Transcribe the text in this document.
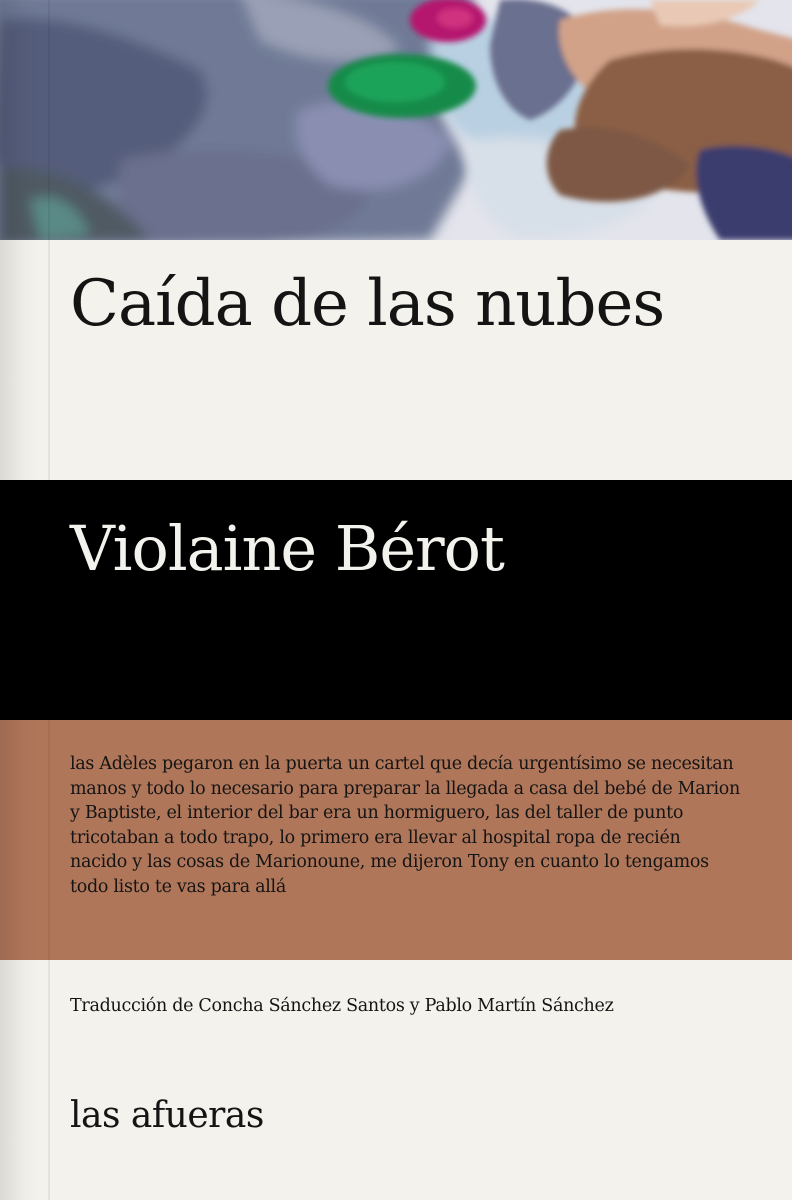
Caída de las nubes
Violaine Bérot

las Adèles pegaron en la puerta un cartel que decía urgentísimo se necesitan manos y todo lo necesario para preparar la llegada a casa del bebé de Marion y Baptiste, el interior del bar era un hormiguero, las del taller de punto tricotaban a todo trapo, lo primero era llevar al hospital ropa de recién nacido y las cosas de Marionoune, me dijeron Tony en cuanto lo tengamos todo listo te vas para allá

Traducción de Concha Sánchez Santos y Pablo Martín Sánchez

las afueras
